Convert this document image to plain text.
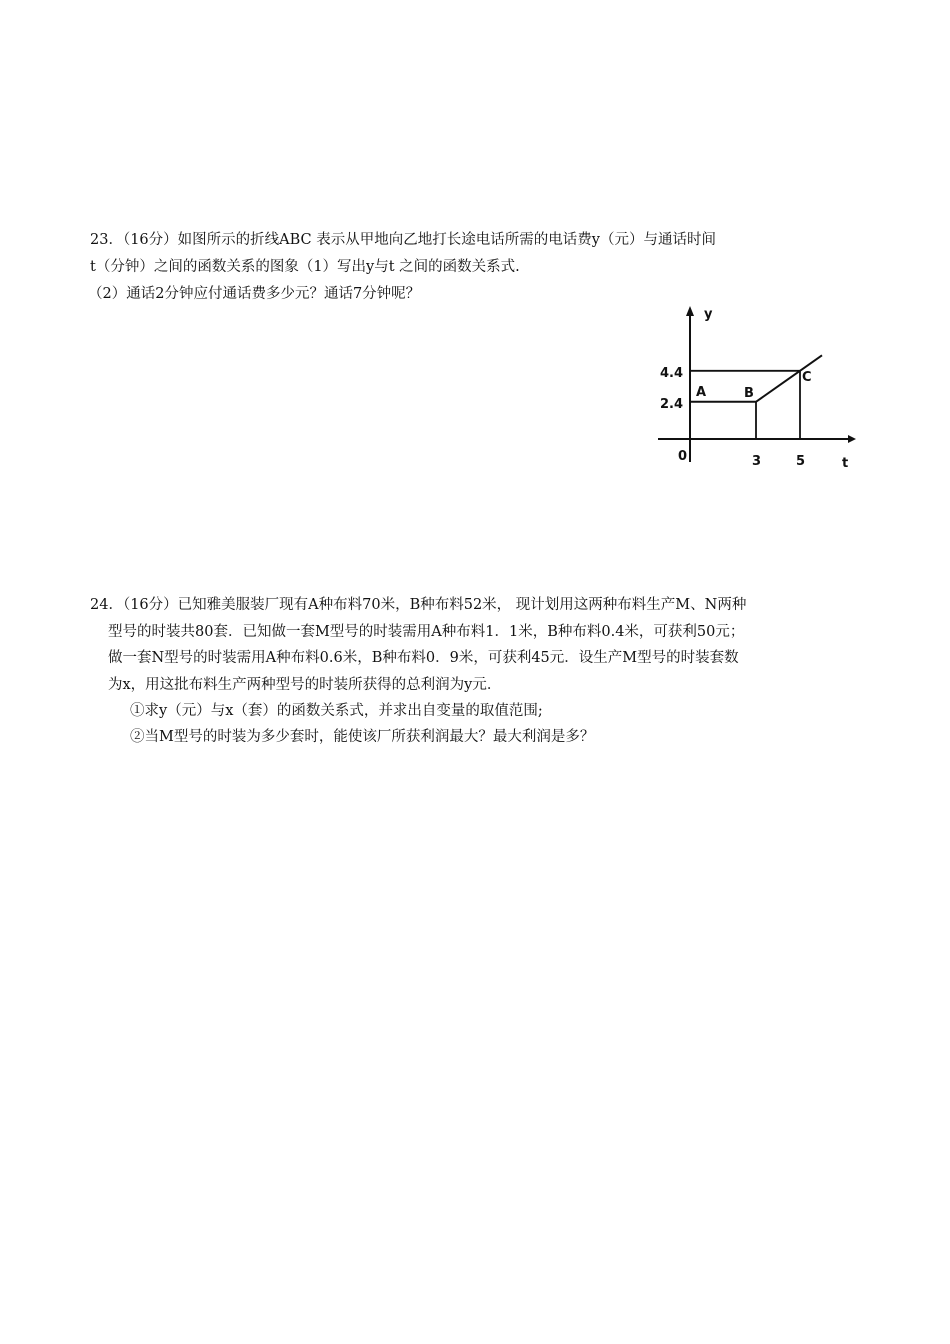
23．（16分）如图所示的折线ABC 表示从甲地向乙地打长途电话所需的电话费y（元）与通话时间
t（分钟）之间的函数关系的图象（1）写出y与t 之间的函数关系式.
（2）通话2分钟应付通话费多少元？通话7分钟呢？
y
t
0
A	B
C
3	5
2.4
4.4
24．（16分）已知雅美服装厂现有A种布料70米，B种布料52米， 现计划用这两种布料生产M、N两种
型号的时装共80套．已知做一套M型号的时装需用A种布料1．1米，B种布料0.4米，可获利50元；
做一套N型号的时装需用A种布料0.6米，B种布料0．9米，可获利45元．设生产M型号的时装套数
为x，用这批布料生产两种型号的时装所获得的总利润为y元．
①求y（元）与x（套）的函数关系式，并求出自变量的取值范围;
②当M型号的时装为多少套时，能使该厂所获利润最大？最大利润是多？
